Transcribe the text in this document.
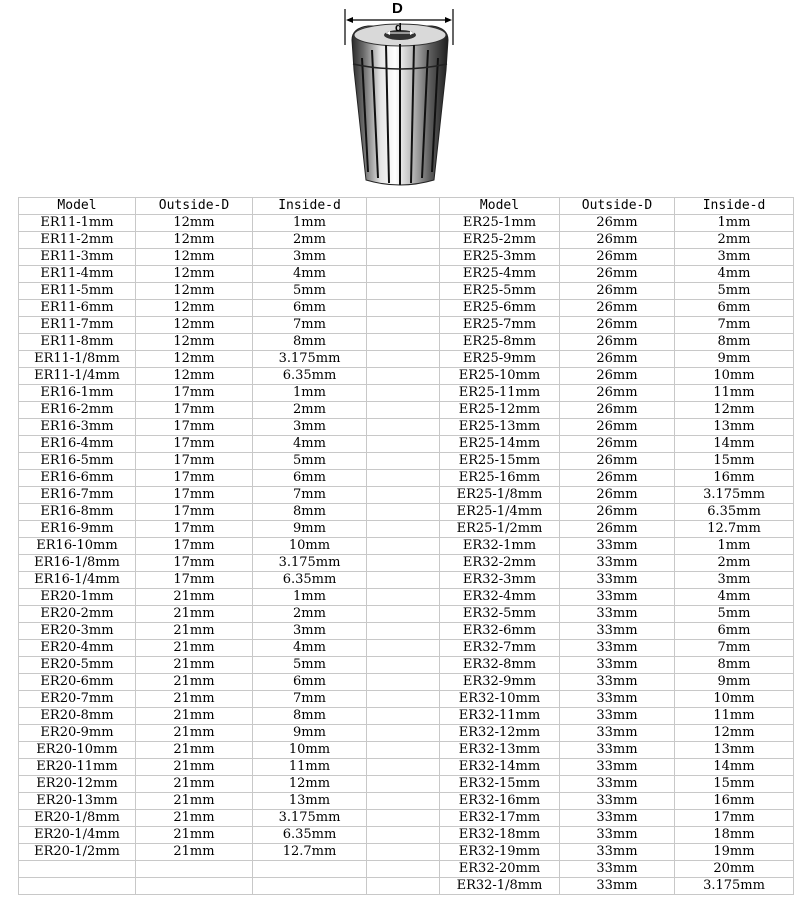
D
d
Model	Outside-D	Inside-d		Model	Outside-D	Inside-d
ER11-1mm	12mm	1mm		ER25-1mm	26mm	1mm
ER11-2mm	12mm	2mm		ER25-2mm	26mm	2mm
ER11-3mm	12mm	3mm		ER25-3mm	26mm	3mm
ER11-4mm	12mm	4mm		ER25-4mm	26mm	4mm
ER11-5mm	12mm	5mm		ER25-5mm	26mm	5mm
ER11-6mm	12mm	6mm		ER25-6mm	26mm	6mm
ER11-7mm	12mm	7mm		ER25-7mm	26mm	7mm
ER11-8mm	12mm	8mm		ER25-8mm	26mm	8mm
ER11-1/8mm	12mm	3.175mm		ER25-9mm	26mm	9mm
ER11-1/4mm	12mm	6.35mm		ER25-10mm	26mm	10mm
ER16-1mm	17mm	1mm		ER25-11mm	26mm	11mm
ER16-2mm	17mm	2mm		ER25-12mm	26mm	12mm
ER16-3mm	17mm	3mm		ER25-13mm	26mm	13mm
ER16-4mm	17mm	4mm		ER25-14mm	26mm	14mm
ER16-5mm	17mm	5mm		ER25-15mm	26mm	15mm
ER16-6mm	17mm	6mm		ER25-16mm	26mm	16mm
ER16-7mm	17mm	7mm		ER25-1/8mm	26mm	3.175mm
ER16-8mm	17mm	8mm		ER25-1/4mm	26mm	6.35mm
ER16-9mm	17mm	9mm		ER25-1/2mm	26mm	12.7mm
ER16-10mm	17mm	10mm		ER32-1mm	33mm	1mm
ER16-1/8mm	17mm	3.175mm		ER32-2mm	33mm	2mm
ER16-1/4mm	17mm	6.35mm		ER32-3mm	33mm	3mm
ER20-1mm	21mm	1mm		ER32-4mm	33mm	4mm
ER20-2mm	21mm	2mm		ER32-5mm	33mm	5mm
ER20-3mm	21mm	3mm		ER32-6mm	33mm	6mm
ER20-4mm	21mm	4mm		ER32-7mm	33mm	7mm
ER20-5mm	21mm	5mm		ER32-8mm	33mm	8mm
ER20-6mm	21mm	6mm		ER32-9mm	33mm	9mm
ER20-7mm	21mm	7mm		ER32-10mm	33mm	10mm
ER20-8mm	21mm	8mm		ER32-11mm	33mm	11mm
ER20-9mm	21mm	9mm		ER32-12mm	33mm	12mm
ER20-10mm	21mm	10mm		ER32-13mm	33mm	13mm
ER20-11mm	21mm	11mm		ER32-14mm	33mm	14mm
ER20-12mm	21mm	12mm		ER32-15mm	33mm	15mm
ER20-13mm	21mm	13mm		ER32-16mm	33mm	16mm
ER20-1/8mm	21mm	3.175mm		ER32-17mm	33mm	17mm
ER20-1/4mm	21mm	6.35mm		ER32-18mm	33mm	18mm
ER20-1/2mm	21mm	12.7mm		ER32-19mm	33mm	19mm
				ER32-20mm	33mm	20mm
				ER32-1/8mm	33mm	3.175mm
